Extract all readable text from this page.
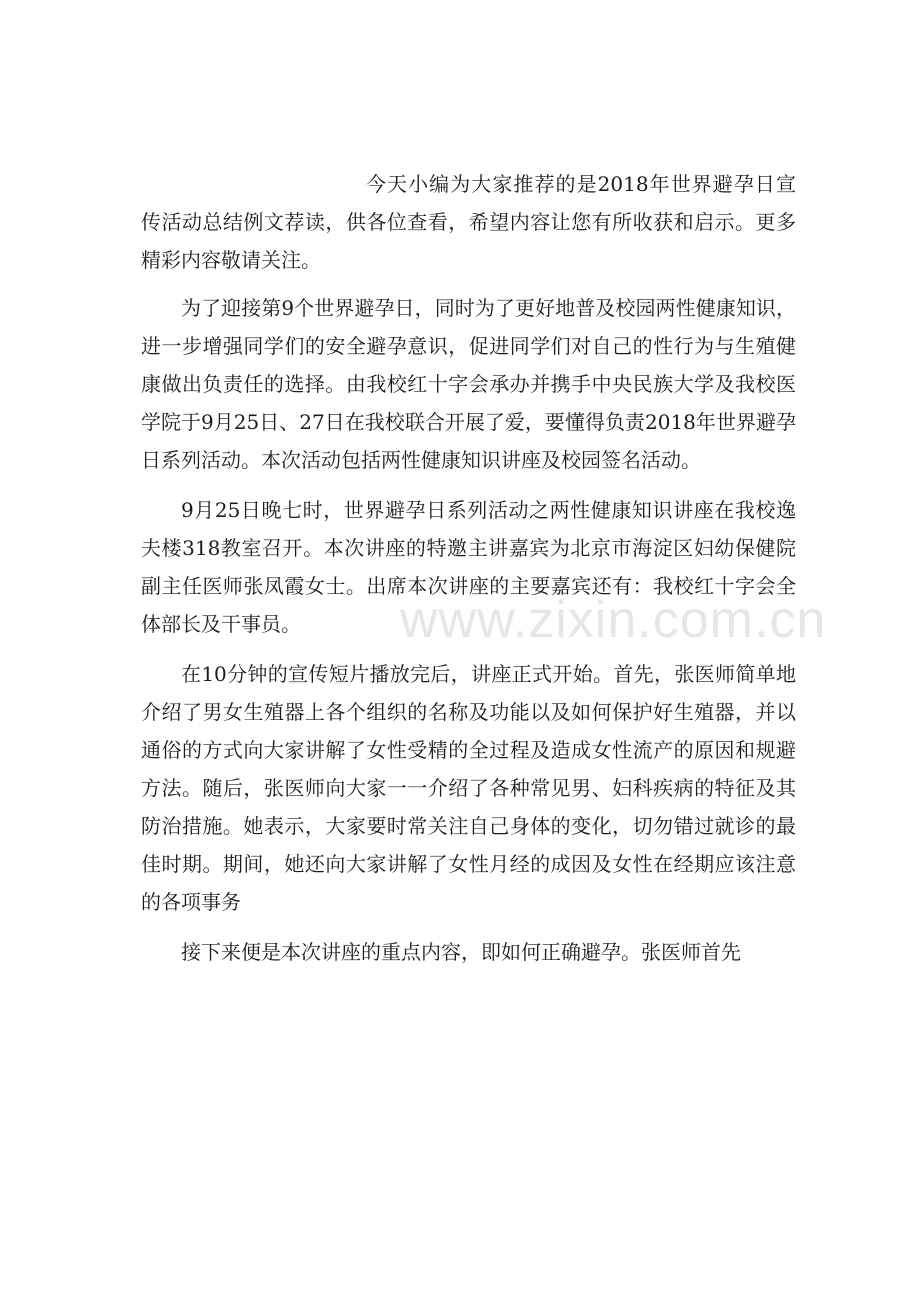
www.zixin.com.cn

今天小编为大家推荐的是2018年世界避孕日宣传活动总结例文荐读，供各位查看，希望内容让您有所收获和启示。更多精彩内容敬请关注。

为了迎接第9个世界避孕日，同时为了更好地普及校园两性健康知识，进一步增强同学们的安全避孕意识，促进同学们对自己的性行为与生殖健康做出负责任的选择。由我校红十字会承办并携手中央民族大学及我校医学院于9月25日、27日在我校联合开展了爱，要懂得负责2018年世界避孕日系列活动。本次活动包括两性健康知识讲座及校园签名活动。

9月25日晚七时，世界避孕日系列活动之两性健康知识讲座在我校逸夫楼318教室召开。本次讲座的特邀主讲嘉宾为北京市海淀区妇幼保健院副主任医师张凤霞女士。出席本次讲座的主要嘉宾还有：我校红十字会全体部长及干事员。

在10分钟的宣传短片播放完后，讲座正式开始。首先，张医师简单地介绍了男女生殖器上各个组织的名称及功能以及如何保护好生殖器，并以通俗的方式向大家讲解了女性受精的全过程及造成女性流产的原因和规避方法。随后，张医师向大家一一介绍了各种常见男、妇科疾病的特征及其防治措施。她表示，大家要时常关注自己身体的变化，切勿错过就诊的最佳时期。期间，她还向大家讲解了女性月经的成因及女性在经期应该注意的各项事务

接下来便是本次讲座的重点内容，即如何正确避孕。张医师首先
